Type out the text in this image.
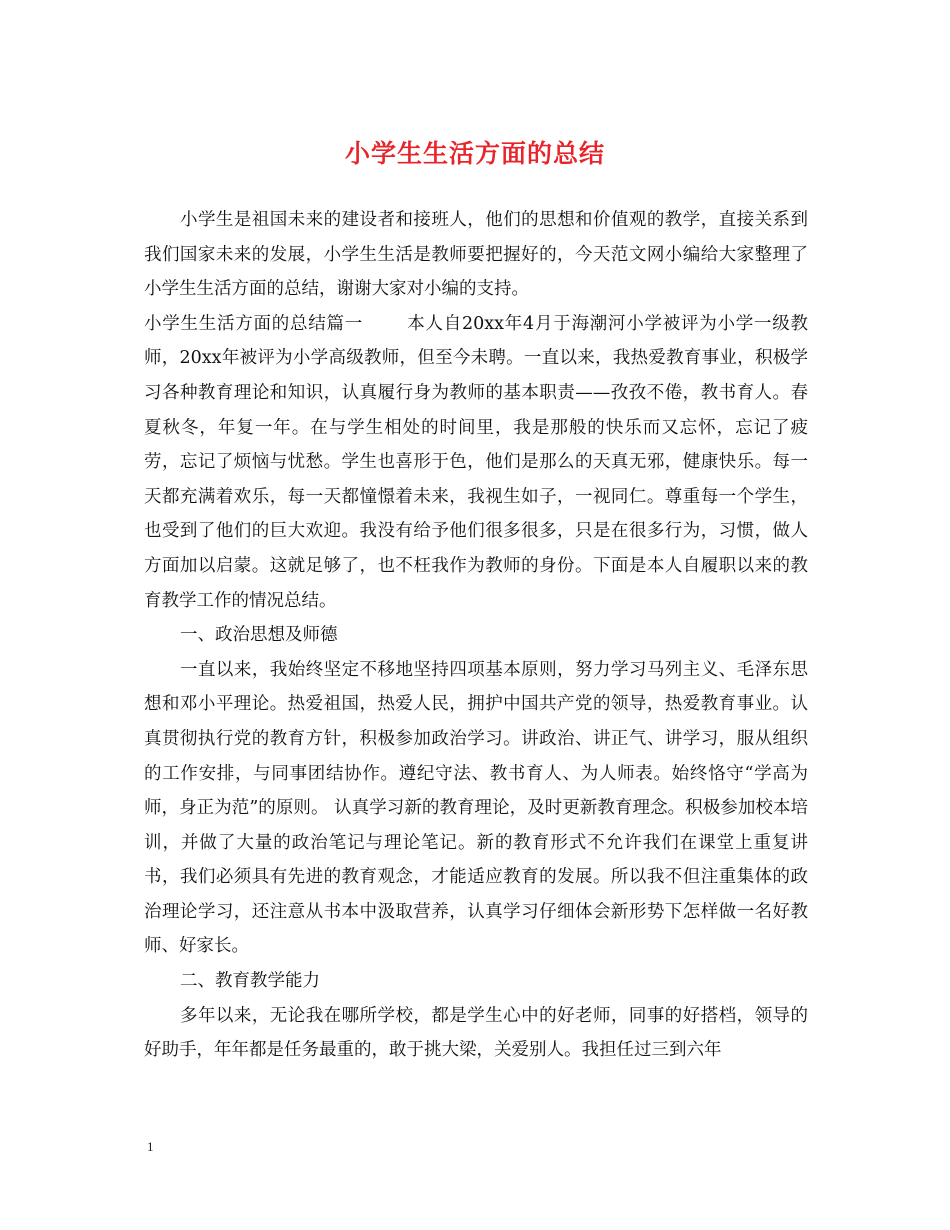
小学生生活方面的总结

小学生是祖国未来的建设者和接班人，他们的思想和价值观的教学，直接关系到我们国家未来的发展，小学生生活是教师要把握好的，今天范文网小编给大家整理了小学生生活方面的总结，谢谢大家对小编的支持。

小学生生活方面的总结篇一	本人自20xx年4月于海潮河小学被评为小学一级教师，20xx年被评为小学高级教师，但至今未聘。一直以来，我热爱教育事业，积极学习各种教育理论和知识，认真履行身为教师的基本职责——孜孜不倦，教书育人。春夏秋冬，年复一年。在与学生相处的时间里，我是那般的快乐而又忘怀，忘记了疲劳，忘记了烦恼与忧愁。学生也喜形于色，他们是那么的天真无邪，健康快乐。每一天都充满着欢乐，每一天都憧憬着未来，我视生如子，一视同仁。尊重每一个学生，也受到了他们的巨大欢迎。我没有给予他们很多很多，只是在很多行为，习惯，做人方面加以启蒙。这就足够了，也不枉我作为教师的身份。下面是本人自履职以来的教育教学工作的情况总结。

一、政治思想及师德

一直以来，我始终坚定不移地坚持四项基本原则，努力学习马列主义、毛泽东思想和邓小平理论。热爱祖国，热爱人民，拥护中国共产党的领导，热爱教育事业。认真贯彻执行党的教育方针，积极参加政治学习。讲政治、讲正气、讲学习，服从组织的工作安排，与同事团结协作。遵纪守法、教书育人、为人师表。始终恪守“学高为师，身正为范”的原则。 认真学习新的教育理论，及时更新教育理念。积极参加校本培训，并做了大量的政治笔记与理论笔记。新的教育形式不允许我们在课堂上重复讲书，我们必须具有先进的教育观念，才能适应教育的发展。所以我不但注重集体的政治理论学习，还注意从书本中汲取营养，认真学习仔细体会新形势下怎样做一名好教师、好家长。

二、教育教学能力

多年以来，无论我在哪所学校，都是学生心中的好老师，同事的好搭档，领导的好助手，年年都是任务最重的，敢于挑大梁，关爱别人。我担任过三到六年

1
